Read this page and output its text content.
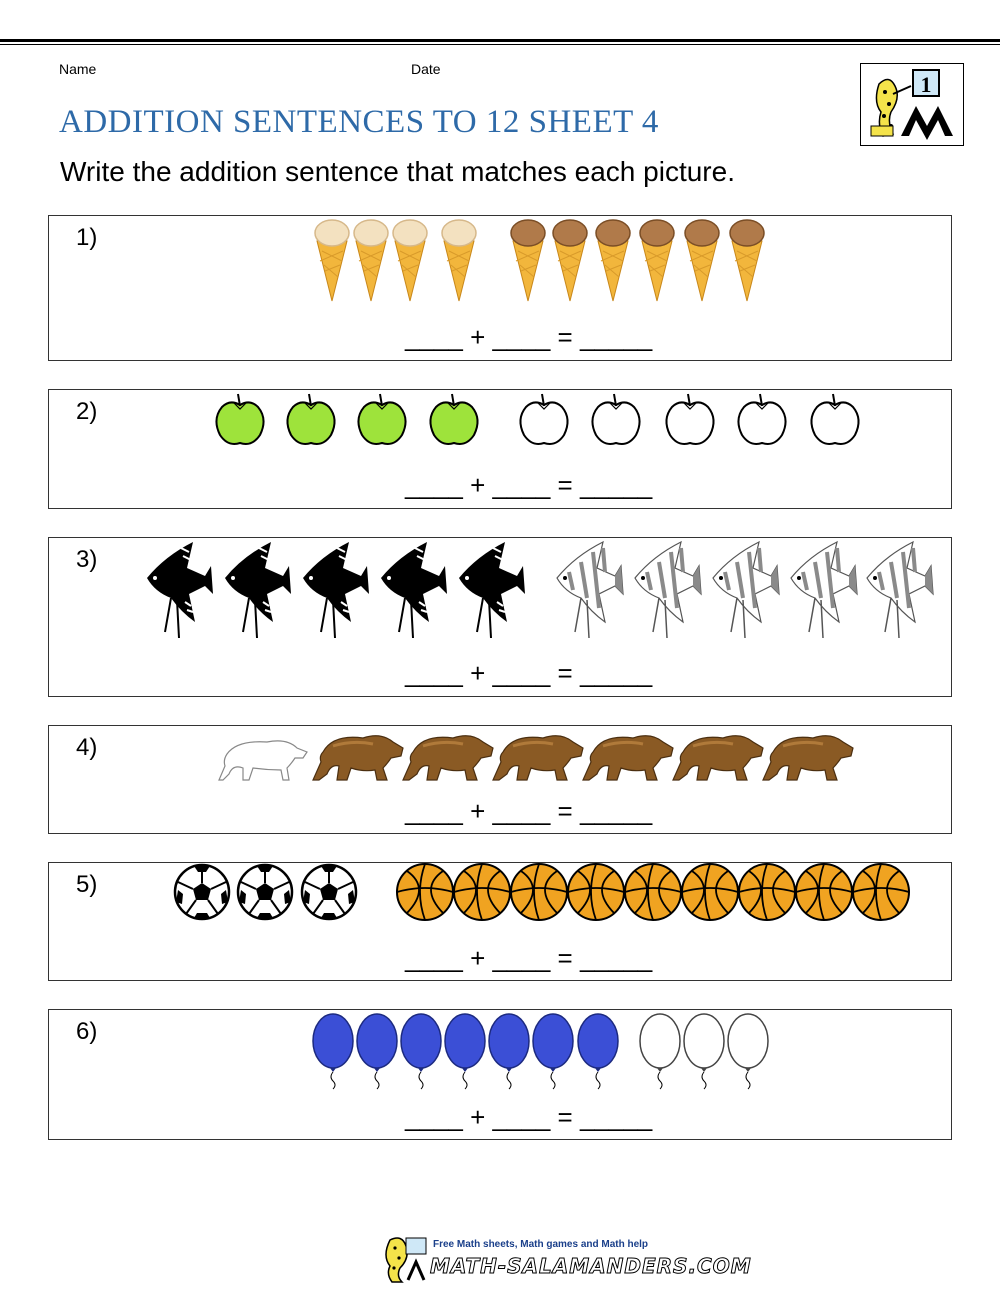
Name	Date
1
ADDITION SENTENCES TO 12 SHEET 4
Write the addition sentence that matches each picture.
1)
____ + ____ = _____
2)
____ + ____ = _____
3)
____ + ____ = _____
4)
____ + ____ = _____
5)
____ + ____ = _____
6)
____ + ____ = _____
Free Math sheets, Math games and Math help
MATH-SALAMANDERS.COM
